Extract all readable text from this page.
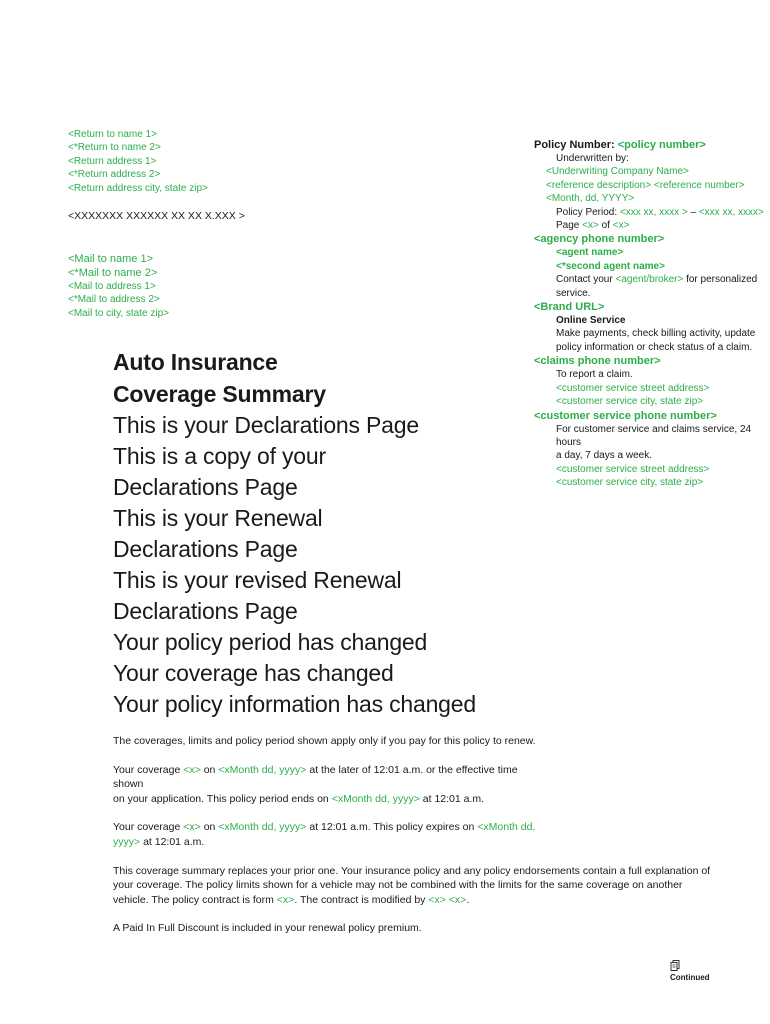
<Return to name 1>
<*Return to name 2>
<Return address 1>
<*Return address 2>
<Return address city, state zip>
<XXXXXXX XXXXXX XX XX X.XXX >
<Mail to name 1>
<*Mail to name 2>
<Mail to address 1>
<*Mail to address 2>
<Mail to city, state zip>
Auto Insurance
Coverage Summary
This is your Declarations Page
This is a copy of your
Declarations Page
This is your Renewal
Declarations Page
This is your revised Renewal
Declarations Page
Your policy period has changed
Your coverage has changed
Your policy information has changed
Policy Number: <policy number>
Underwritten by:
<Underwriting Company Name>
<reference description> <reference number>
<Month, dd, YYYY>
Policy Period: <xxx xx, xxxx > – <xxx xx, xxxx>
Page <x> of <x>
<agency phone number>
<agent name>
<*second agent name>
Contact your <agent/broker> for personalized
service.
<Brand URL>
Online Service
Make payments, check billing activity, update
policy information or check status of a claim.
<claims phone number>
To report a claim.
<customer service street address>
<customer service city, state zip>
<customer service phone number>
For customer service and claims service, 24 hours
a day, 7 days a week.
<customer service street address>
<customer service city, state zip>

The coverages, limits and policy period shown apply only if you pay for this policy to renew.

Your coverage <x> on <xMonth dd, yyyy> at the later of 12:01 a.m. or the effective time shown
on your application. This policy period ends on <xMonth dd, yyyy> at 12:01 a.m.

Your coverage <x> on <xMonth dd, yyyy> at 12:01 a.m. This policy expires on <xMonth dd,
yyyy> at 12:01 a.m.

This coverage summary replaces your prior one. Your insurance policy and any policy endorsements contain a full explanation of your coverage. The policy limits shown for a vehicle may not be combined with the limits for the same coverage on another vehicle. The policy contract is form <x>. The contract is modified by <x> <x>.

A Paid In Full Discount is included in your renewal policy premium.

Continued
